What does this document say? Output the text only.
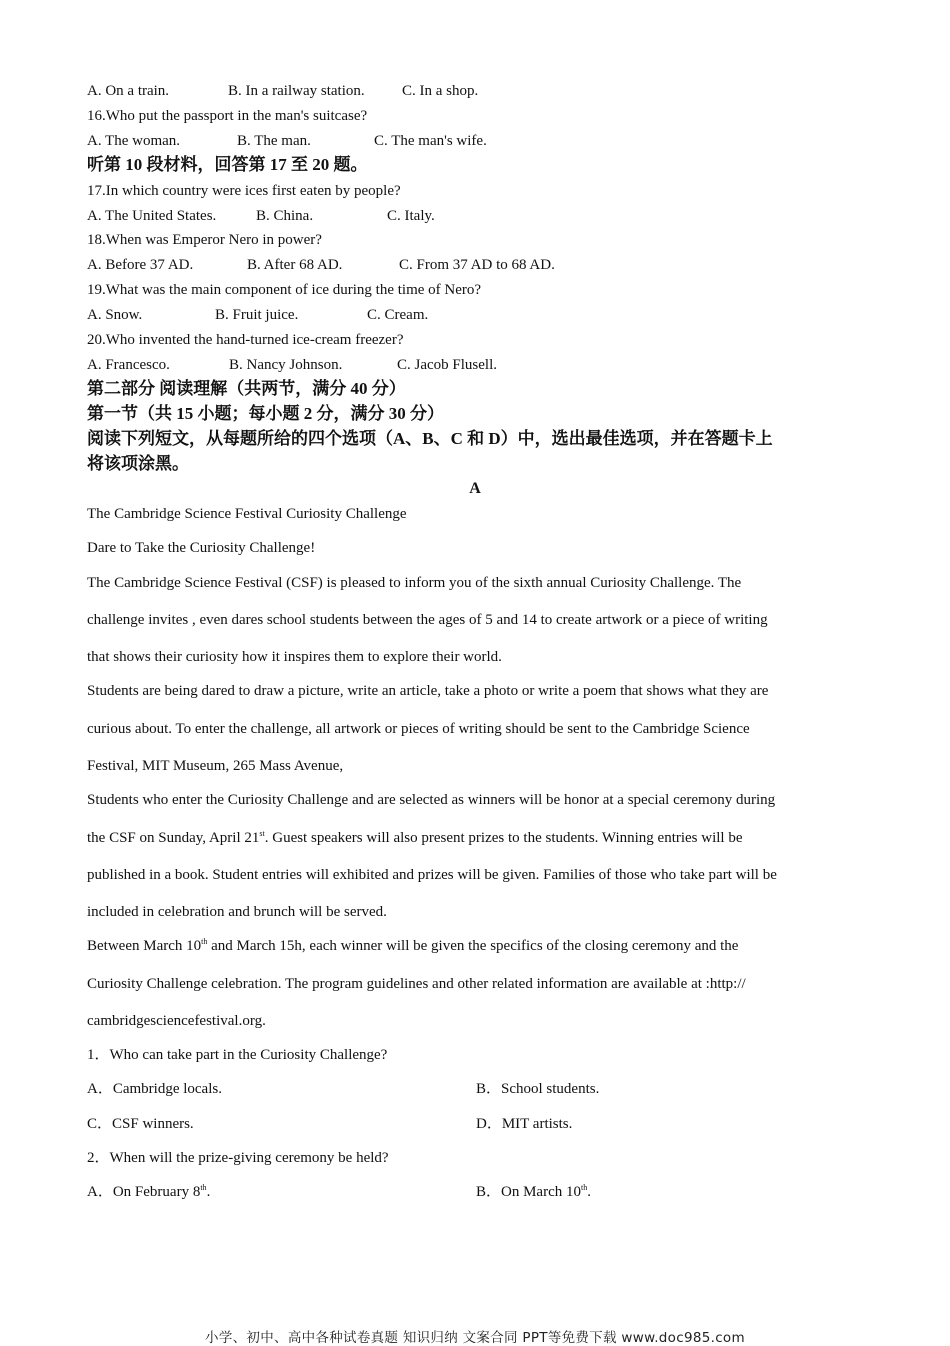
A. On a train.	B. In a railway station. C. In a shop.
16.Who put the passport in the man's suitcase?
A. The woman.	B. The man.	C. The man's wife.
听第 10 段材料，回答第 17 至 20 题。
17.In which country were ices first eaten by people?
A. The United States.	B. China.	C. Italy.
18.When was Emperor Nero in power?
A. Before 37 AD.	B. After 68 AD.	C. From 37 AD to 68 AD.
19.What was the main component of ice during the time of Nero?
A. Snow.	B. Fruit juice.	C. Cream.
20.Who invented the hand-turned ice-cream freezer?
A. Francesco.	B. Nancy Johnson.	C. Jacob Flusell.
第二部分 阅读理解（共两节，满分 40 分）
第一节（共 15 小题；每小题 2 分，满分 30 分）
阅读下列短文，从每题所给的四个选项（A、B、C 和 D）中，选出最佳选项，并在答题卡上
将该项涂黑。
A
The Cambridge Science Festival Curiosity Challenge
Dare to Take the Curiosity Challenge!
The Cambridge Science Festival (CSF) is pleased to inform you of the sixth annual Curiosity Challenge. The
challenge invites , even dares school students between the ages of 5 and 14 to create artwork or a piece of writing
that shows their curiosity how it inspires them to explore their world.
Students are being dared to draw a picture, write an article, take a photo or write a poem that shows what they are
curious about. To enter the challenge, all artwork or pieces of writing should be sent to the Cambridge Science
Festival, MIT Museum, 265 Mass Avenue,
Students who enter the Curiosity Challenge and are selected as winners will be honor at a special ceremony during
the CSF on Sunday, April 21st. Guest speakers will also present prizes to the students. Winning entries will be
published in a book. Student entries will exhibited and prizes will be given. Families of those who take part will be
included in celebration and brunch will be served.
Between March 10th and March 15h, each winner will be given the specifics of the closing ceremony and the
Curiosity Challenge celebration. The program guidelines and other related information are available at :http://
cambridgesciencefestival.org.
1．Who can take part in the Curiosity Challenge?
A．Cambridge locals.	B．School students.
C．CSF winners.	D．MIT artists.
2．When will the prize-giving ceremony be held?
A．On February 8th.	B．On March 10th.
小学、初中、高中各种试卷真题 知识归纳 文案合同 PPT等免费下载 www.doc985.com
